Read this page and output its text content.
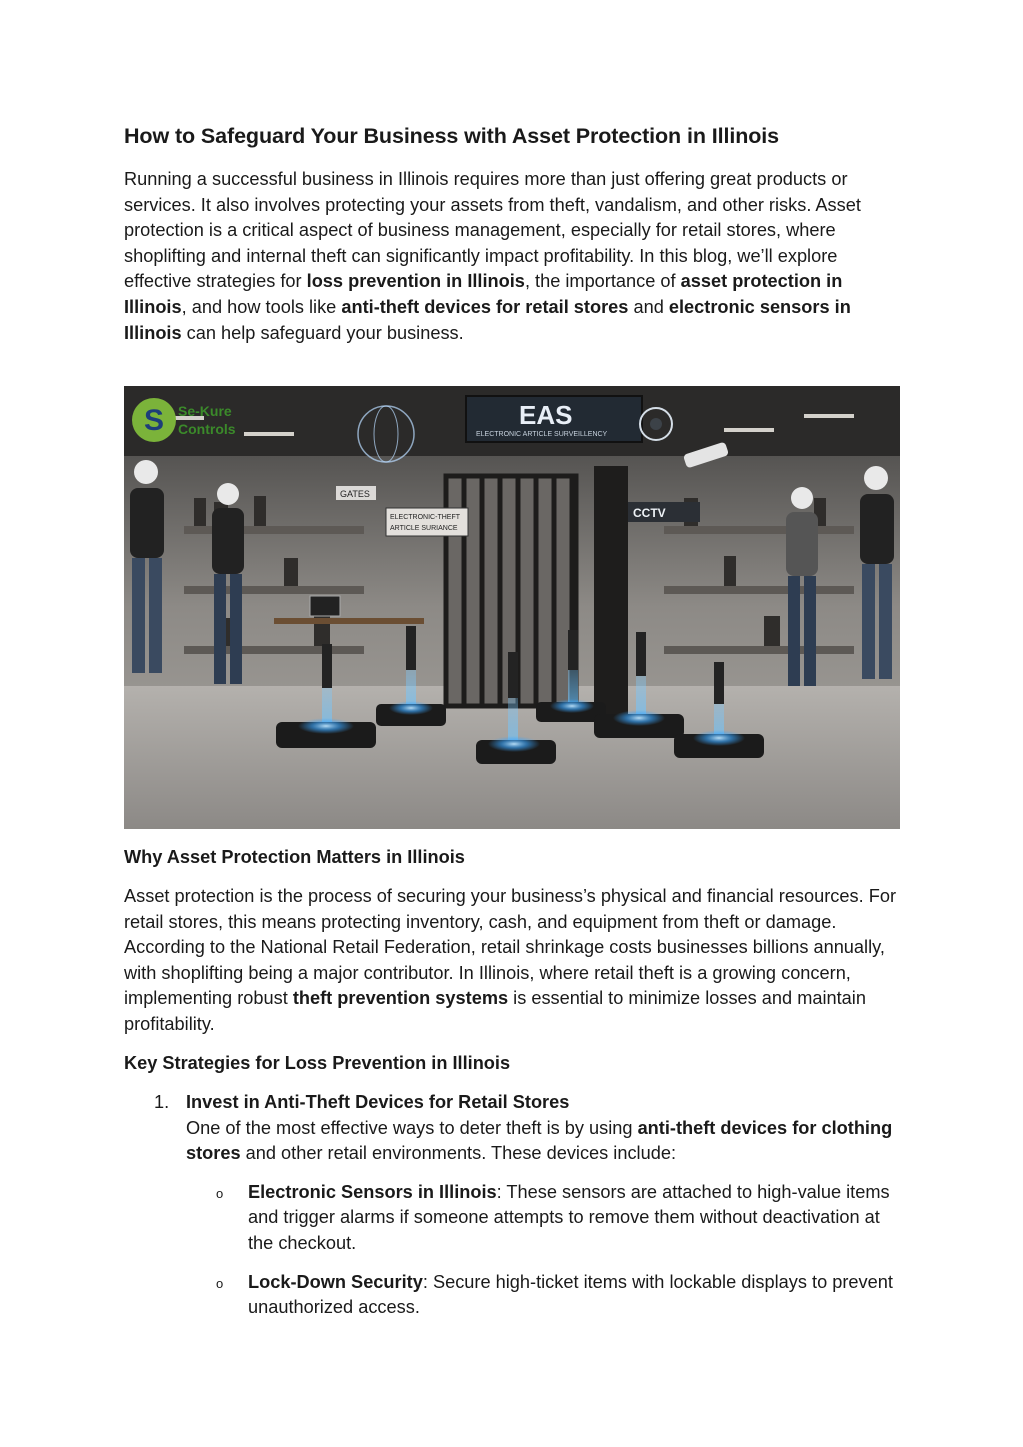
How to Safeguard Your Business with Asset Protection in Illinois

Running a successful business in Illinois requires more than just offering great products or services. It also involves protecting your assets from theft, vandalism, and other risks. Asset protection is a critical aspect of business management, especially for retail stores, where shoplifting and internal theft can significantly impact profitability. In this blog, we’ll explore effective strategies for loss prevention in Illinois, the importance of asset protection in Illinois, and how tools like anti-theft devices for retail stores and electronic sensors in Illinois can help safeguard your business.

EAS
ELECTRONIC ARTICLE SURVEILLENCY
S Se-Kure
Controls
GATES
ELECTRONIC-THEFT
ARTICLE SURIANCE
CCTV
Why Asset Protection Matters in Illinois

Asset protection is the process of securing your business’s physical and financial resources. For retail stores, this means protecting inventory, cash, and equipment from theft or damage. According to the National Retail Federation, retail shrinkage costs businesses billions annually, with shoplifting being a major contributor. In Illinois, where retail theft is a growing concern, implementing robust theft prevention systems is essential to minimize losses and maintain profitability.

Key Strategies for Loss Prevention in Illinois
1. Invest in Anti-Theft Devices for Retail Stores
One of the most effective ways to deter theft is by using anti-theft devices for clothing stores and other retail environments. These devices include:
o Electronic Sensors in Illinois: These sensors are attached to high-value items and trigger alarms if someone attempts to remove them without deactivation at the checkout.
o Lock-Down Security: Secure high-ticket items with lockable displays to prevent unauthorized access.
